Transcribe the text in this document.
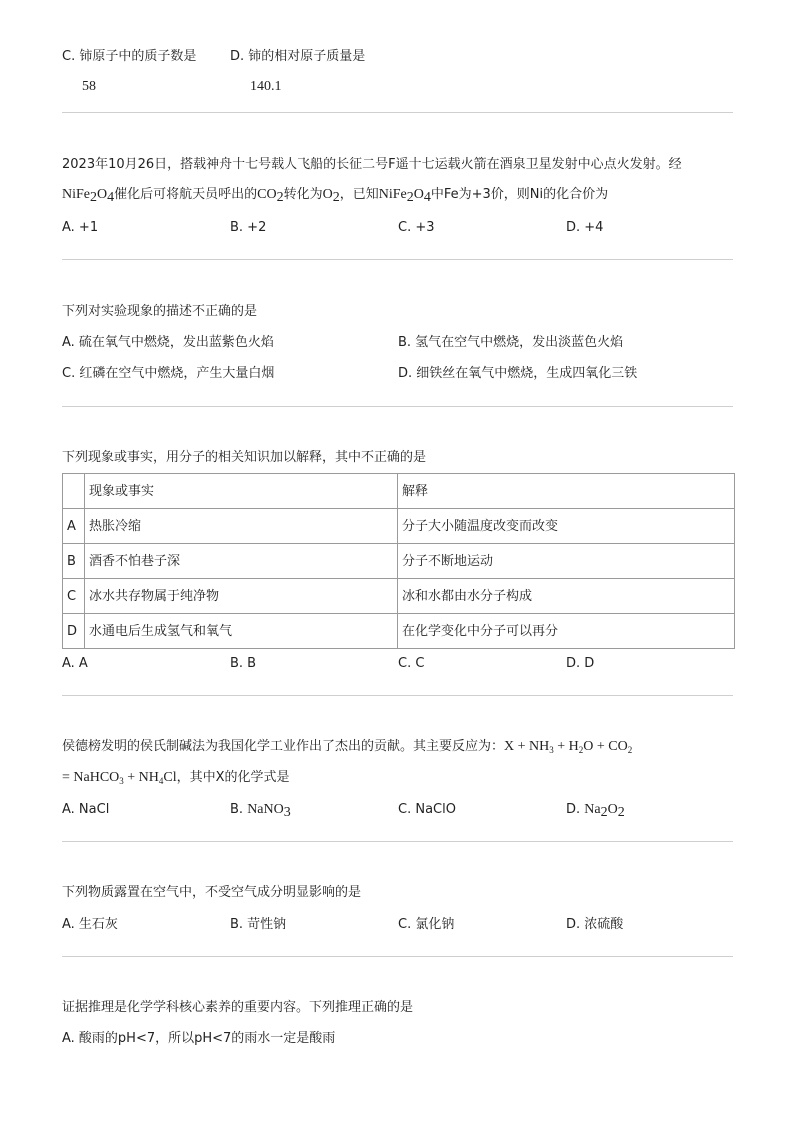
C. 铈原子中的质子数是	D. 铈的相对原子质量是
58	140.1
2023年10月26日，搭载神舟十七号载人飞船的长征二号F遥十七运载火箭在酒泉卫星发射中心点火发射。经
$NiFe_2O_4$催化后可将航天员呼出的$CO_2$转化为$O_2$，已知$NiFe_2O_4$中Fe为+3价，则Ni的化合价为
A. +1	B. +2	C. +3	D. +4
下列对实验现象的描述不正确的是
A. 硫在氧气中燃烧，发出蓝紫色火焰	B. 氢气在空气中燃烧，发出淡蓝色火焰
C. 红磷在空气中燃烧，产生大量白烟	D. 细铁丝在氧气中燃烧，生成四氧化三铁
下列现象或事实，用分子的相关知识加以解释，其中不正确的是
	现象或事实	解释
A	热胀冷缩	分子大小随温度改变而改变
B	酒香不怕巷子深	分子不断地运动
C	冰水共存物属于纯净物	冰和水都由水分子构成
D	水通电后生成氢气和氧气	在化学变化中分子可以再分
A. A	B. B	C. C	D. D
侯德榜发明的侯氏制碱法为我国化学工业作出了杰出的贡献。其主要反应为：$X + NH_3 + H_2O + CO_2$
= NaHCO$_3$ + $NH_4Cl$，其中X的化学式是
A. NaCl	B. NaNO$_3$	C. NaClO	D. $Na_2O_2$
下列物质露置在空气中，不受空气成分明显影响的是
A. 生石灰	B. 苛性钠	C. 氯化钠	D. 浓硫酸
证据推理是化学学科核心素养的重要内容。下列推理正确的是
A. 酸雨的pH<7，所以pH<7的雨水一定是酸雨
